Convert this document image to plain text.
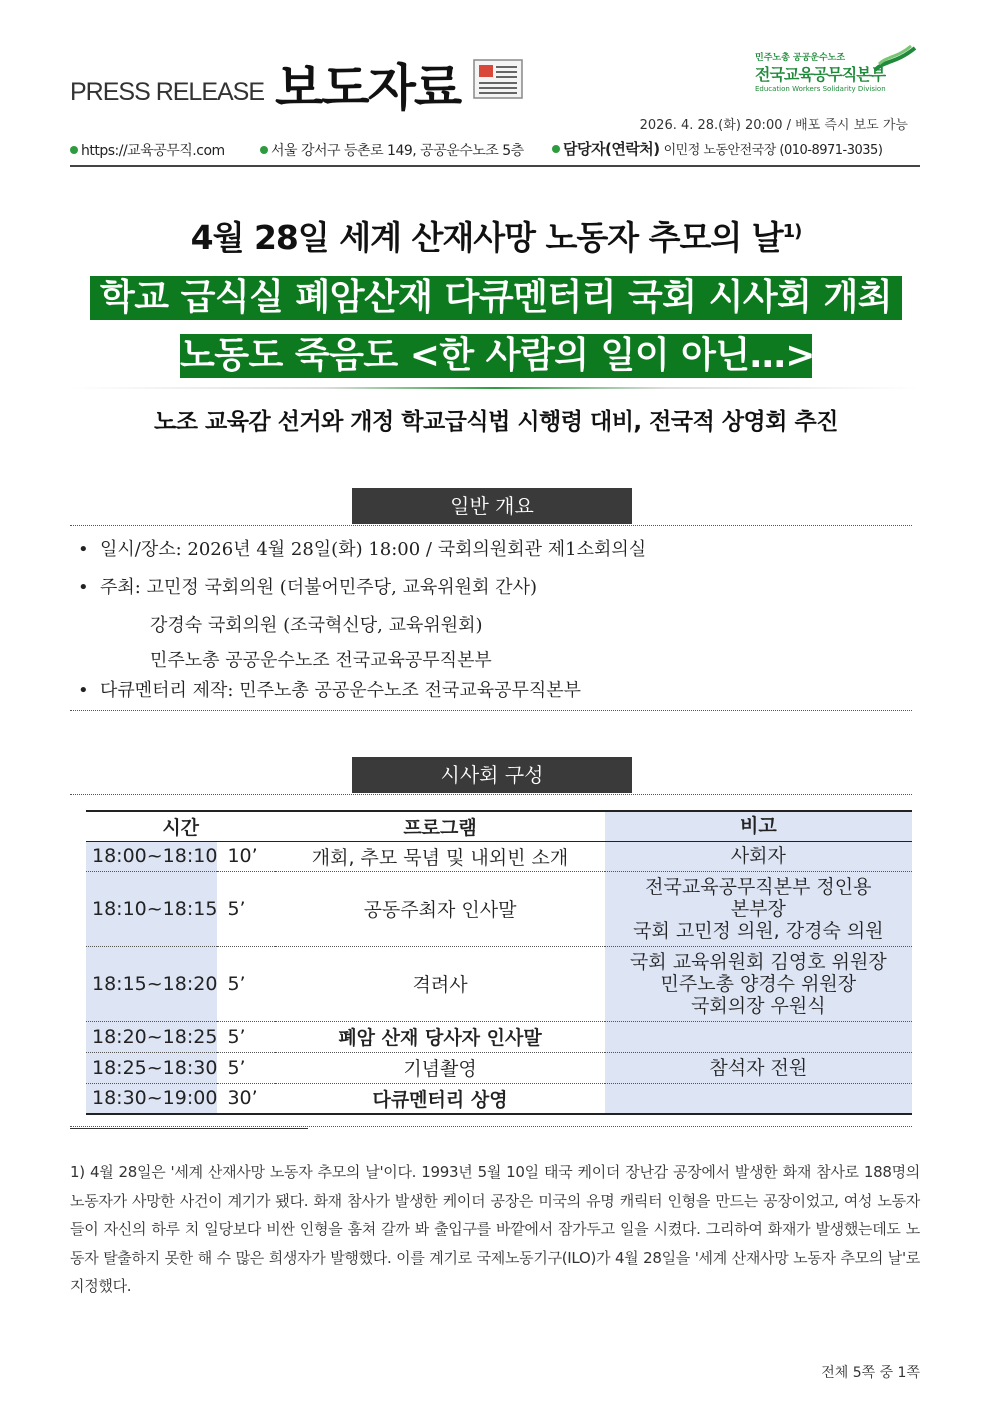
PRESS RELEASE 보도자료
민주노총 공공운수노조
전국교육공무직본부
Education Workers Solidarity Division
2026. 4. 28.(화) 20:00 / 배포 즉시 보도 가능
https://교육공무직.com	서울 강서구 등촌로 149, 공공운수노조 5층	담당자(연락처) 이민정 노동안전국장 (010-8971-3035)
4월 28일 세계 산재사망 노동자 추모의 날$^{1)}$
학교 급식실 폐암산재 다큐멘터리 국회 시사회 개최
노동도 죽음도 <한 사람의 일이 아닌…>
노조 교육감 선거와 개정 학교급식법 시행령 대비, 전국적 상영회 추진
일반 개요
• 일시/장소: 2026년 4월 28일(화) 18:00 / 국회의원회관 제1소회의실
• 주최: 고민정 국회의원 (더불어민주당, 교육위원회 간사)
강경숙 국회의원 (조국혁신당, 교육위원회)
민주노총 공공운수노조 전국교육공무직본부
• 다큐멘터리 제작: 민주노총 공공운수노조 전국교육공무직본부
시사회 구성
시간		프로그램	비고
18:00~18:10	10’	개회, 추모 묵념 및 내외빈 소개	사회자
18:10~18:15	5’	공동주최자 인사말	전국교육공무직본부 정인용
본부장
국회 고민정 의원, 강경숙 의원

18:15~18:20	5’	격려사	국회 교육위원회 김영호 위원장
민주노총 양경수 위원장
국회의장 우원식

18:20~18:25	5’	폐암 산재 당사자 인사말	
18:25~18:30	5’	기념촬영	참석자 전원
18:30~19:00	30’	다큐멘터리 상영	
1) 4월 28일은 '세계 산재사망 노동자 추모의 날'이다. 1993년 5월 10일 태국 케이더 장난감 공장에서 발생한 화재 참사로 188명의 노동자가 사망한 사건이 계기가 됐다. 화재 참사가 발생한 케이더 공장은 미국의 유명 캐릭터 인형을 만드는 공장이었고, 여성 노동자들이 자신의 하루 치 일당보다 비싼 인형을 훔쳐 갈까 봐 출입구를 바깥에서 잠가두고 일을 시켰다. 그리하여 화재가 발생했는데도 노동자 탈출하지 못한 해 수 많은 희생자가 발행했다. 이를 계기로 국제노동기구(ILO)가 4월 28일을 '세계 산재사망 노동자 추모의 날'로 지정했다.
전체 5쪽 중 1쪽
